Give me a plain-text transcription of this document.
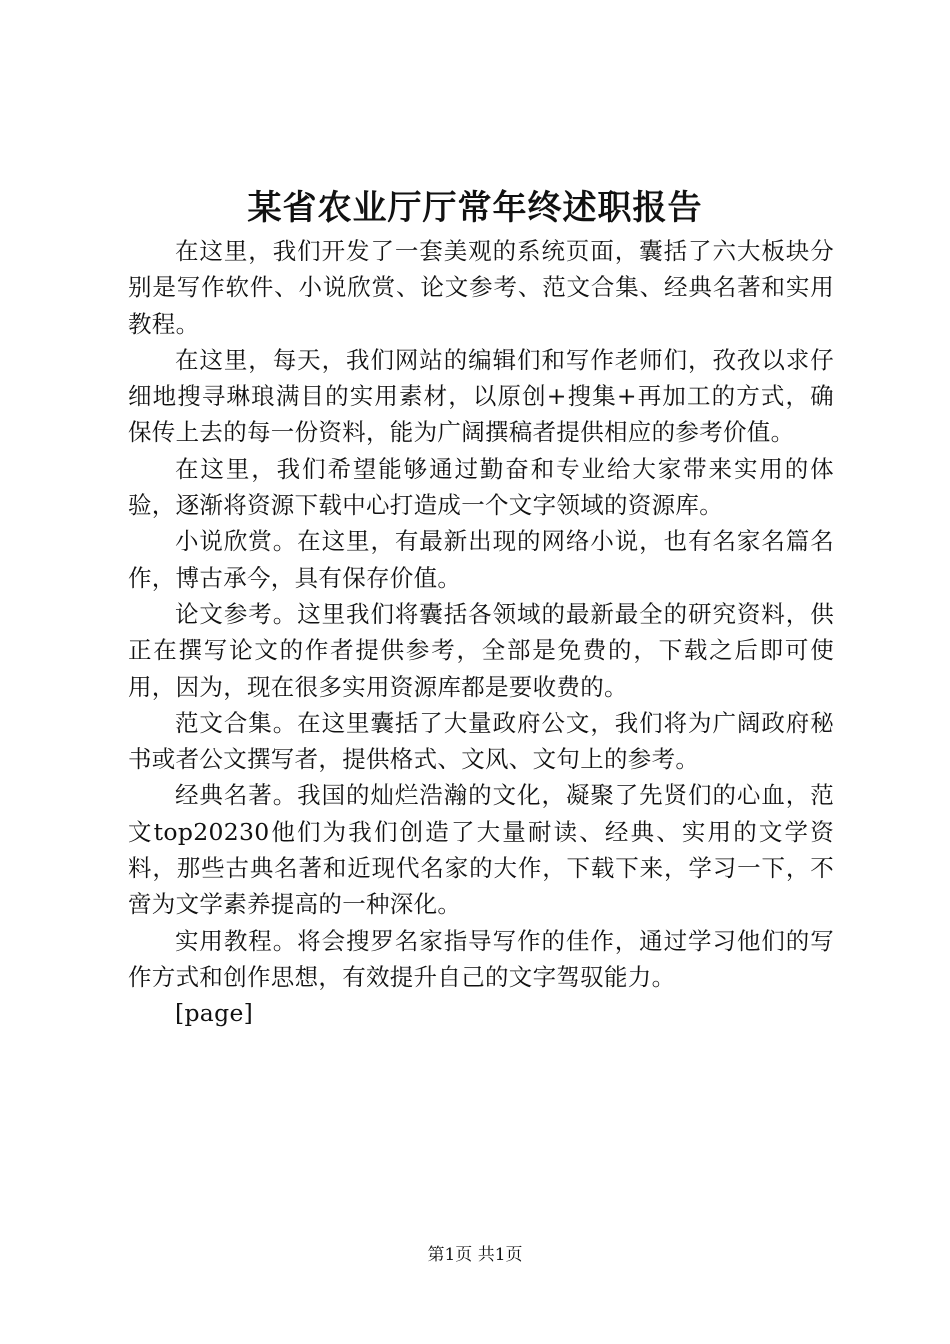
某省农业厅厅常年终述职报告

在这里，我们开发了一套美观的系统页面，囊括了六大板块分别是写作软件、小说欣赏、论文参考、范文合集、经典名著和实用教程。

在这里，每天，我们网站的编辑们和写作老师们，孜孜以求仔细地搜寻琳琅满目的实用素材，以原创+搜集+再加工的方式，确保传上去的每一份资料，能为广阔撰稿者提供相应的参考价值。

在这里，我们希望能够通过勤奋和专业给大家带来实用的体验，逐渐将资源下载中心打造成一个文字领域的资源库。

小说欣赏。在这里，有最新出现的网络小说，也有名家名篇名作，博古承今，具有保存价值。

论文参考。这里我们将囊括各领域的最新最全的研究资料，供正在撰写论文的作者提供参考，全部是免费的，下载之后即可使用，因为，现在很多实用资源库都是要收费的。

范文合集。在这里囊括了大量政府公文，我们将为广阔政府秘书或者公文撰写者，提供格式、文风、文句上的参考。

经典名著。我国的灿烂浩瀚的文化，凝聚了先贤们的心血，范文top20230他们为我们创造了大量耐读、经典、实用的文学资料，那些古典名著和近现代名家的大作，下载下来，学习一下，不啻为文学素养提高的一种深化。

实用教程。将会搜罗名家指导写作的佳作，通过学习他们的写作方式和创作思想，有效提升自己的文字驾驭能力。

[page]

第1页 共1页
